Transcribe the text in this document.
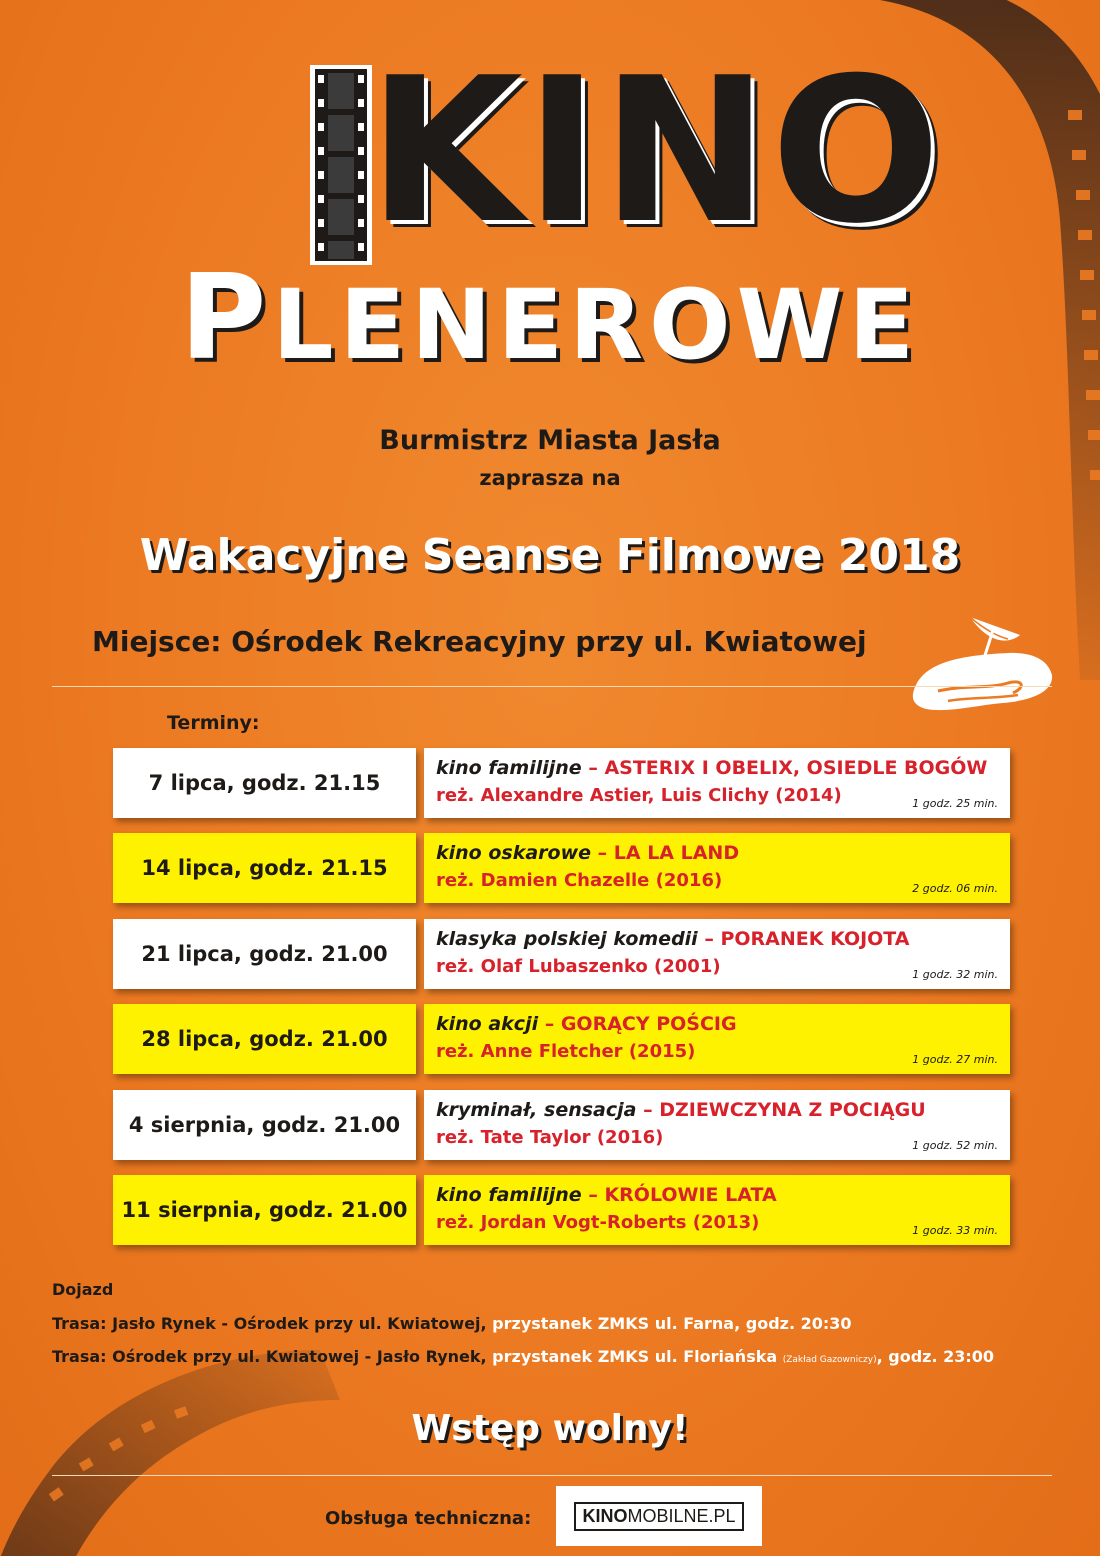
KINO
PLENEROWE
Burmistrz Miasta Jasła
zaprasza na
Wakacyjne Seanse Filmowe 2018
Miejsce: Ośrodek Rekreacyjny przy ul. Kwiatowej
Terminy:
7 lipca, godz. 21.15
kino familijne – ASTERIX I OBELIX, OSIEDLE BOGÓW
reż. Alexandre Astier, Luis Clichy (2014)	1 godz. 25 min.
14 lipca, godz. 21.15
kino oskarowe – LA LA LAND
reż. Damien Chazelle (2016)	2 godz. 06 min.
21 lipca, godz. 21.00
klasyka polskiej komedii – PORANEK KOJOTA
reż. Olaf Lubaszenko (2001)	1 godz. 32 min.
28 lipca, godz. 21.00
kino akcji – GORĄCY POŚCIG
reż. Anne Fletcher (2015)	1 godz. 27 min.
4 sierpnia, godz. 21.00
kryminał, sensacja – DZIEWCZYNA Z POCIĄGU
reż. Tate Taylor (2016)	1 godz. 52 min.
11 sierpnia, godz. 21.00
kino familijne – KRÓLOWIE LATA
reż. Jordan Vogt-Roberts (2013)	1 godz. 33 min.
Dojazd
Trasa: Jasło Rynek - Ośrodek przy ul. Kwiatowej, przystanek ZMKS ul. Farna, godz. 20:30
Trasa: Ośrodek przy ul. Kwiatowej - Jasło Rynek, przystanek ZMKS ul. Floriańska (Zakład Gazowniczy), godz. 23:00
Wstęp wolny!
Obsługa techniczna:	KINOMOBILNE.PL
